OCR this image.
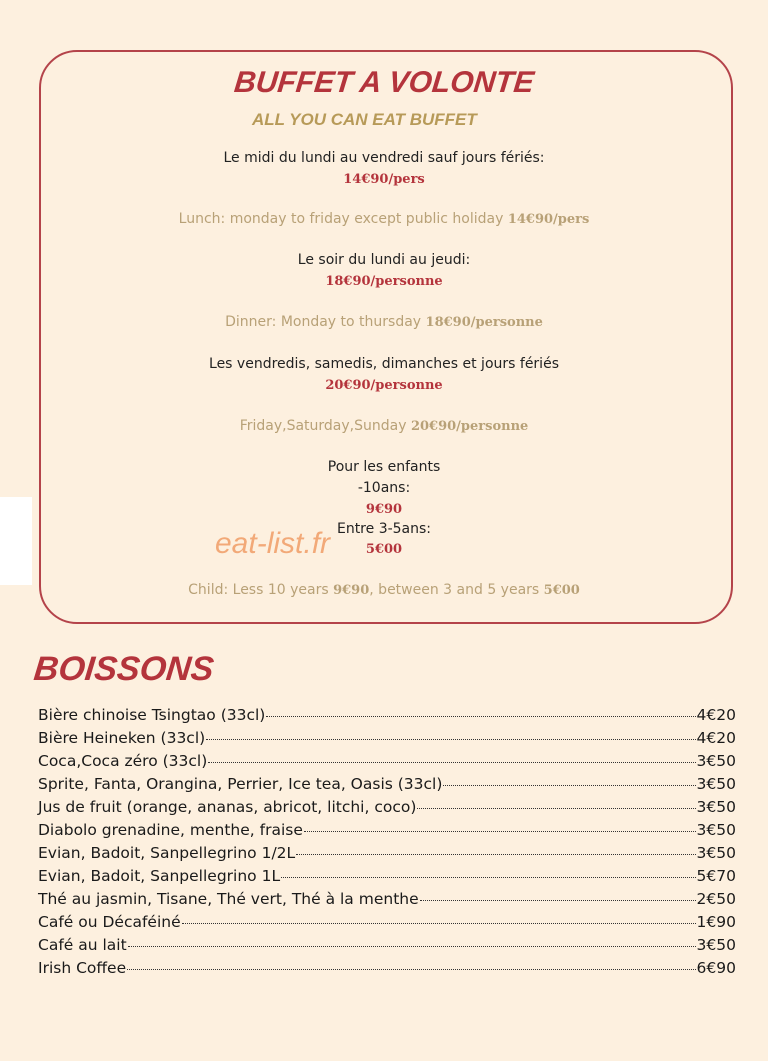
BUFFET A VOLONTE
ALL YOU CAN EAT BUFFET
Le midi du lundi au vendredi sauf jours fériés:
14€90/pers
Lunch: monday to friday except public holiday 14€90/pers
Le soir du lundi au jeudi:
18€90/personne
Dinner: Monday to thursday 18€90/personne
Les vendredis, samedis, dimanches et jours fériés
20€90/personne
Friday,Saturday,Sunday 20€90/personne
Pour les enfants
-10ans:
9€90
Entre 3-5ans:
5€00
Child: Less 10 years 9€90, between 3 and 5 years 5€00
eat-list.fr
BOISSONS
Bière chinoise Tsingtao (33cl)	4€20
Bière Heineken (33cl)	4€20
Coca,Coca zéro (33cl)	3€50
Sprite, Fanta, Orangina, Perrier, Ice tea, Oasis (33cl)	3€50
Jus de fruit (orange, ananas, abricot, litchi, coco)	3€50
Diabolo grenadine, menthe, fraise	3€50
Evian, Badoit, Sanpellegrino 1/2L	3€50
Evian, Badoit, Sanpellegrino 1L	5€70
Thé au jasmin, Tisane, Thé vert, Thé à la menthe	2€50
Café ou Décaféiné	1€90
Café au lait	3€50
Irish Coffee	6€90
